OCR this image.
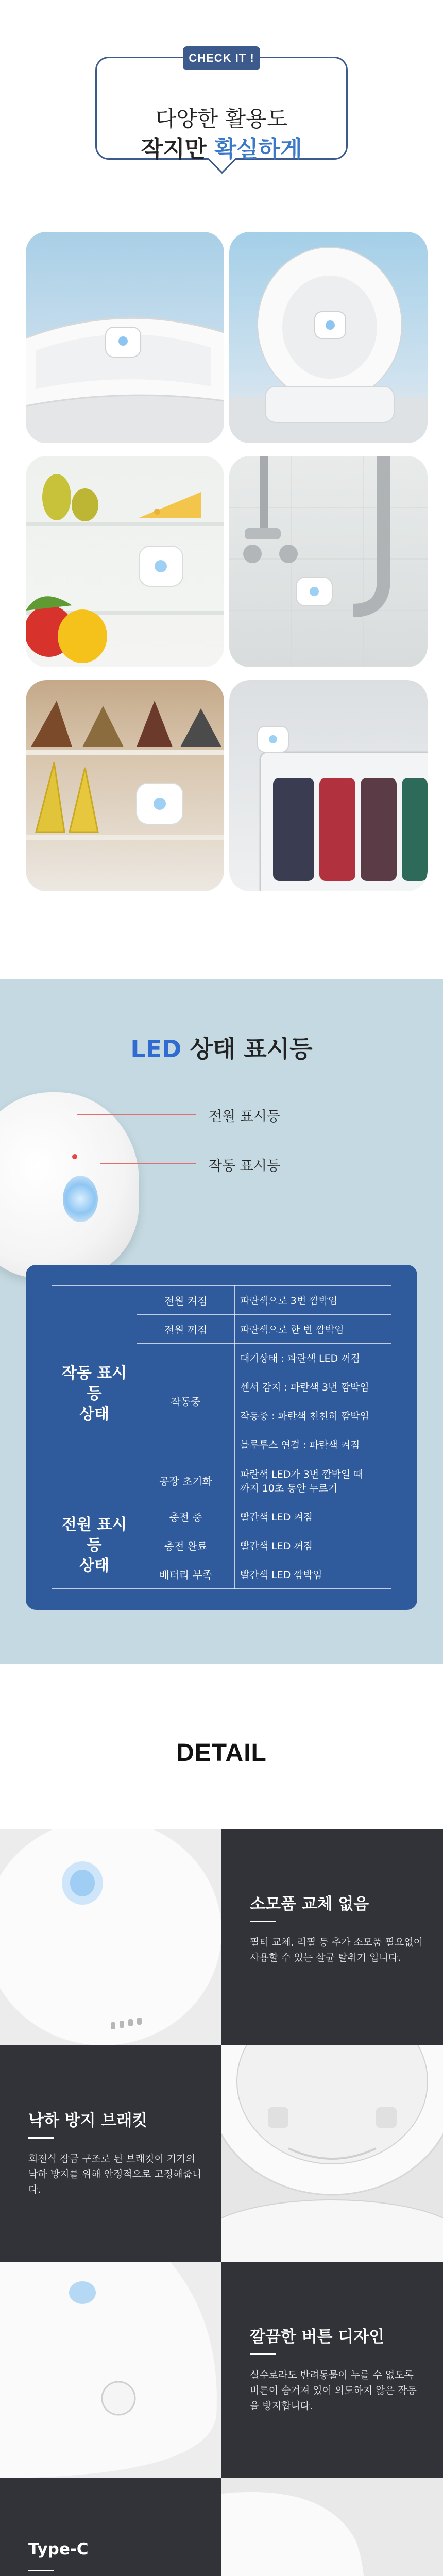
다양한 활용도
작지만 확실하게
CHECK IT !
LED 상태 표시등
전원 표시등
작동 표시등
작동 표시등
상태	전원 켜짐	파란색으로 3번 깜박임
	전원 꺼짐	파란색으로 한 번 깜박임
	작동중	대기상태 : 파란색 LED 꺼짐
		센서 감지 : 파란색 3번 깜박임
		작동중 : 파란색 천천히 깜박임
		블루투스 연결 : 파란색 켜짐
	공장 초기화	파란색 LED가 3번 깜박일 때
까지 10초 동안 누르기
전원 표시등
상태	충전 중	빨간색 LED 켜짐
	충전 완료	빨간색 LED 꺼짐
	배터리 부족	빨간색 LED 깜박임
DETAIL
소모품 교체 없음

필터 교체, 리필 등 추가 소모품 필요없이 사용할 수 있는 살균 탈취기 입니다.

낙하 방지 브래킷

회전식 잠금 구조로 된 브래킷이 기기의 낙하 방지를 위해 안정적으로 고정해줍니다.

깔끔한 버튼 디자인

실수로라도 반려동물이 누를 수 없도록 버튼이 숨겨져 있어 의도하지 않은 작동을 방지합니다.

Type-C
